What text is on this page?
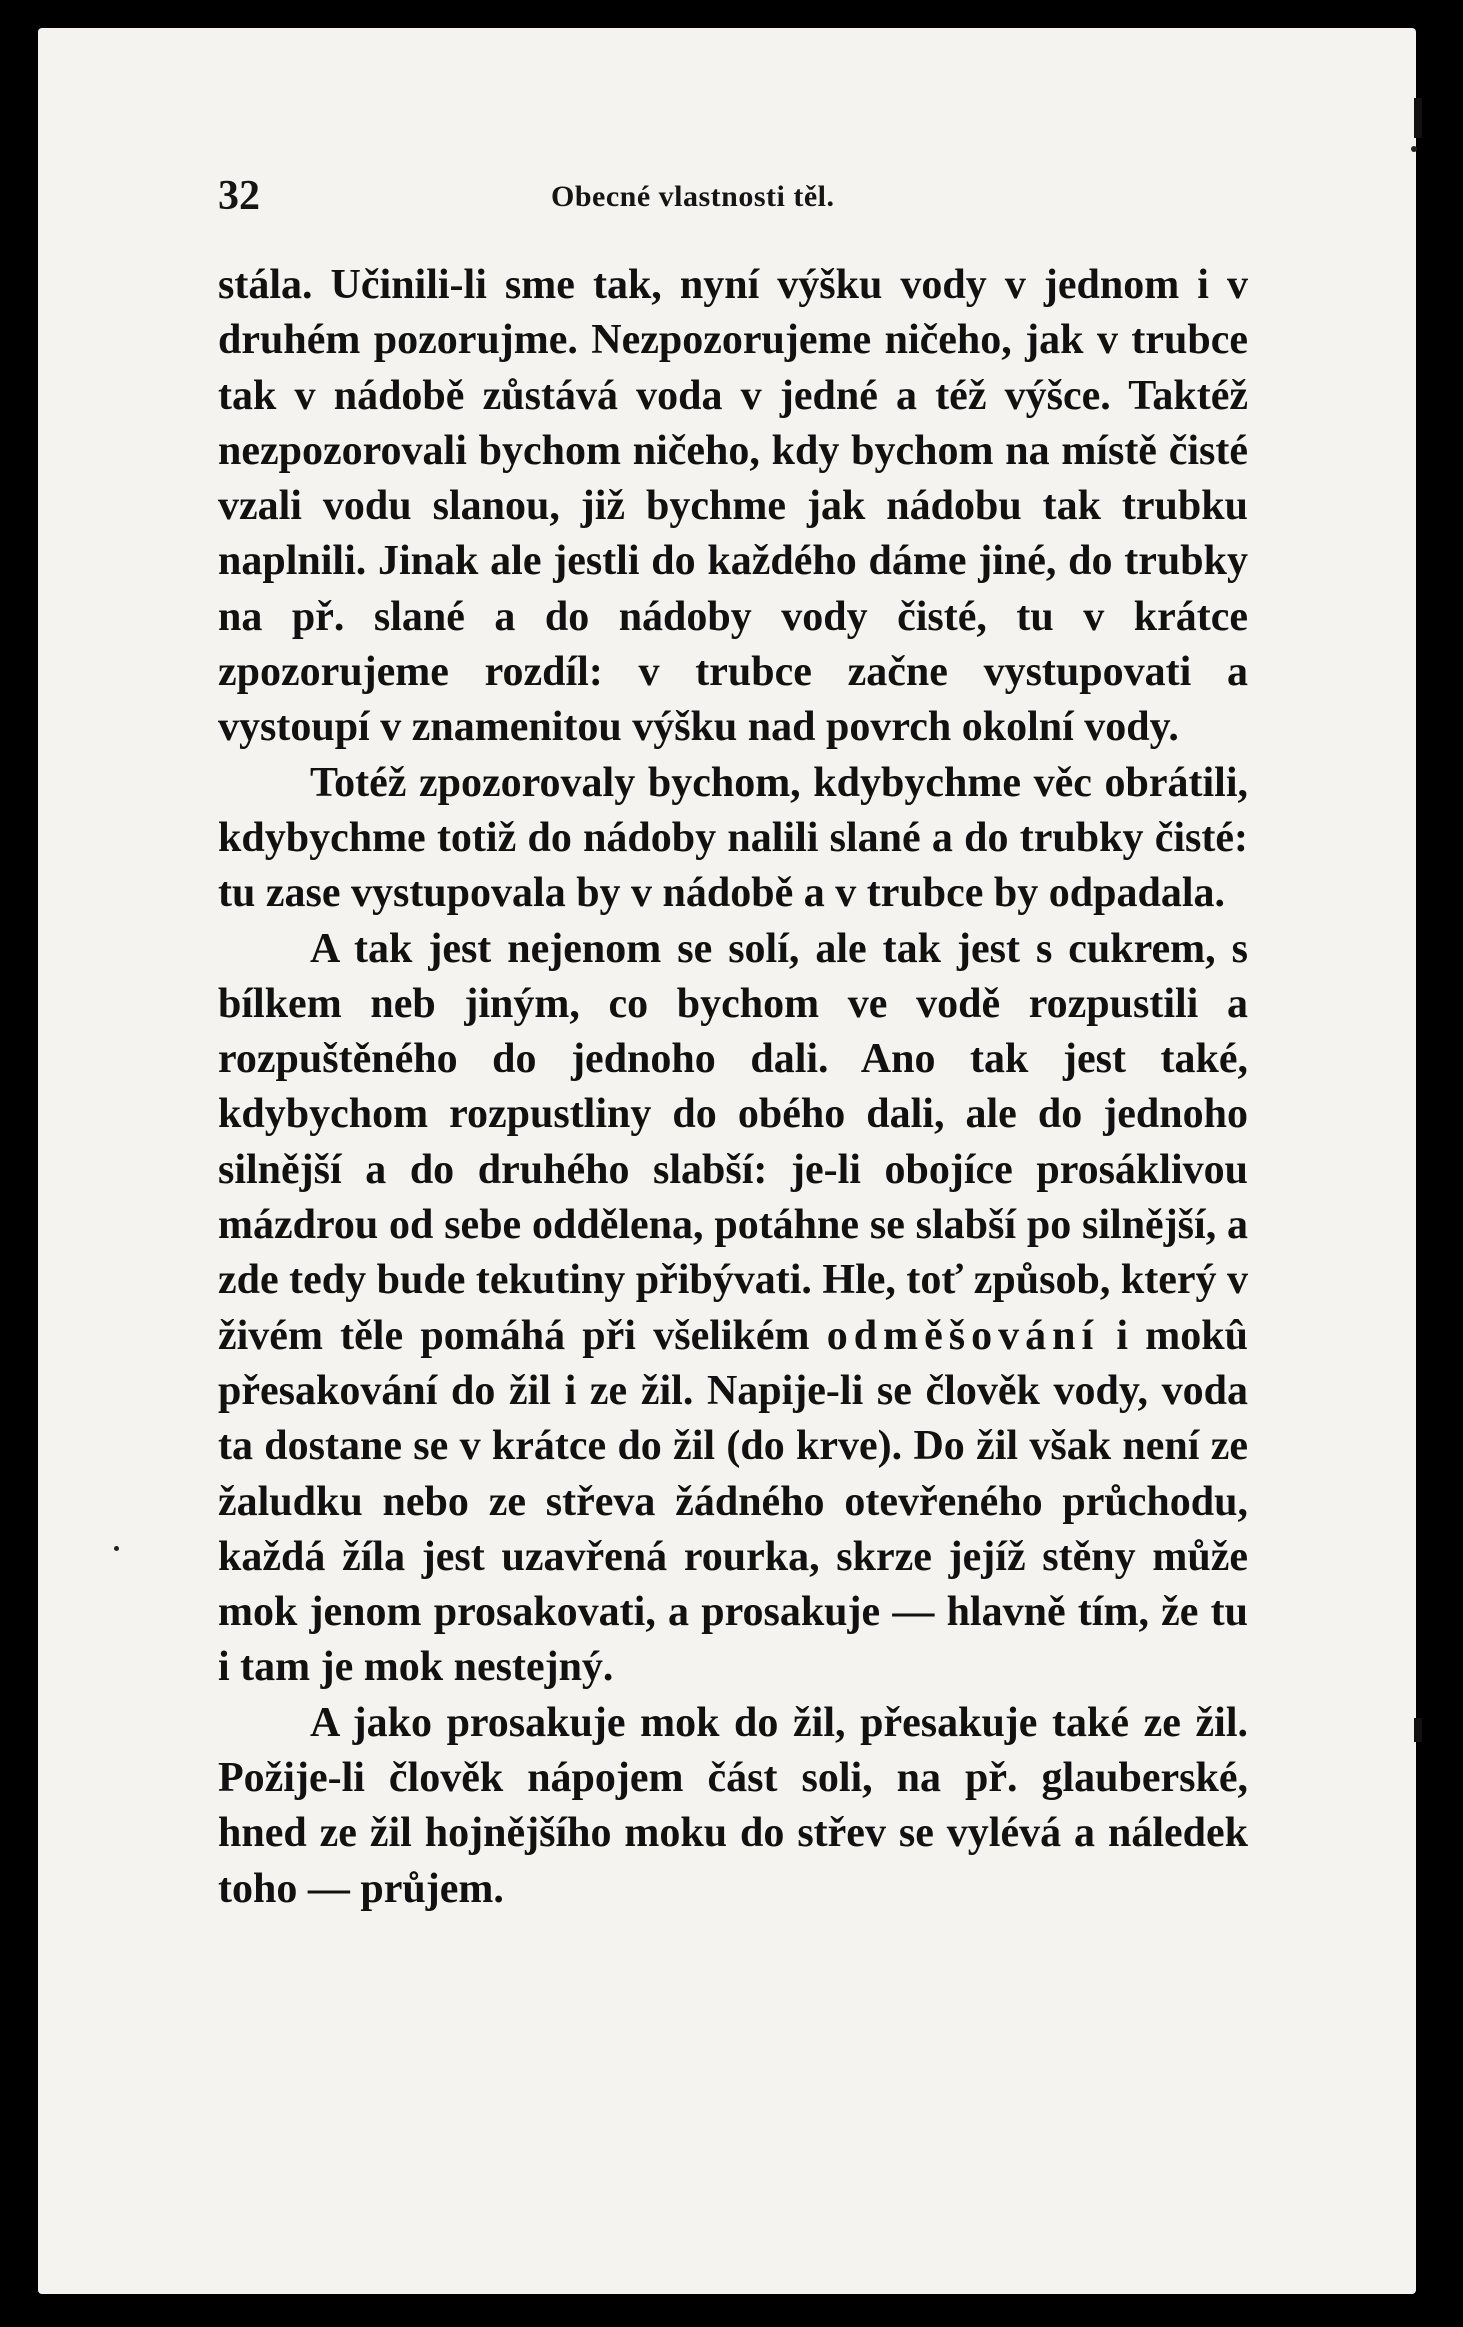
32	Obecné vlastnosti těl.

stála. Učinili-li sme tak, nyní výšku vody v jednom i v druhém pozorujme. Nezpozorujeme ničeho, jak v trubce tak v nádobě zůstává voda v jedné a též výšce. Taktéž nezpozorovali bychom ničeho, kdy bychom na místě čisté vzali vodu slanou, již bychme jak nádobu tak trubku naplnili. Jinak ale jestli do každého dáme jiné, do trubky na př. slané a do nádoby vody čisté, tu v krátce zpozorujeme rozdíl: v trubce začne vystupovati a vystoupí v znamenitou výšku nad povrch okolní vody.

Totéž zpozorovaly bychom, kdybychme věc obrátili, kdybychme totiž do nádoby nalili slané a do trubky čisté: tu zase vystupovala by v nádobě a v trubce by odpadala.

A tak jest nejenom se solí, ale tak jest s cukrem, s bílkem neb jiným, co bychom ve vodě rozpustili a rozpuštěného do jednoho dali. Ano tak jest také, kdybychom rozpustliny do obého dali, ale do jednoho silnější a do druhého slabší: je-li obojíce prosáklivou mázdrou od sebe oddělena, potáhne se slabší po silnější, a zde tedy bude tekutiny přibývati. Hle, toť způsob, který v živém těle pomáhá při všelikém odměšování i mokû přesakování do žil i ze žil. Napije-li se člověk vody, voda ta dostane se v krátce do žil (do krve). Do žil však není ze žaludku nebo ze střeva žádného otevřeného průchodu, každá žíla jest uzavřená rourka, skrze jejíž stěny může mok jenom prosakovati, a prosakuje — hlavně tím, že tu i tam je mok nestejný.

A jako prosakuje mok do žil, přesakuje také ze žil. Požije-li člověk nápojem část soli, na př. glauberské, hned ze žil hojnějšího moku do střev se vylévá a náledek toho — průjem.
